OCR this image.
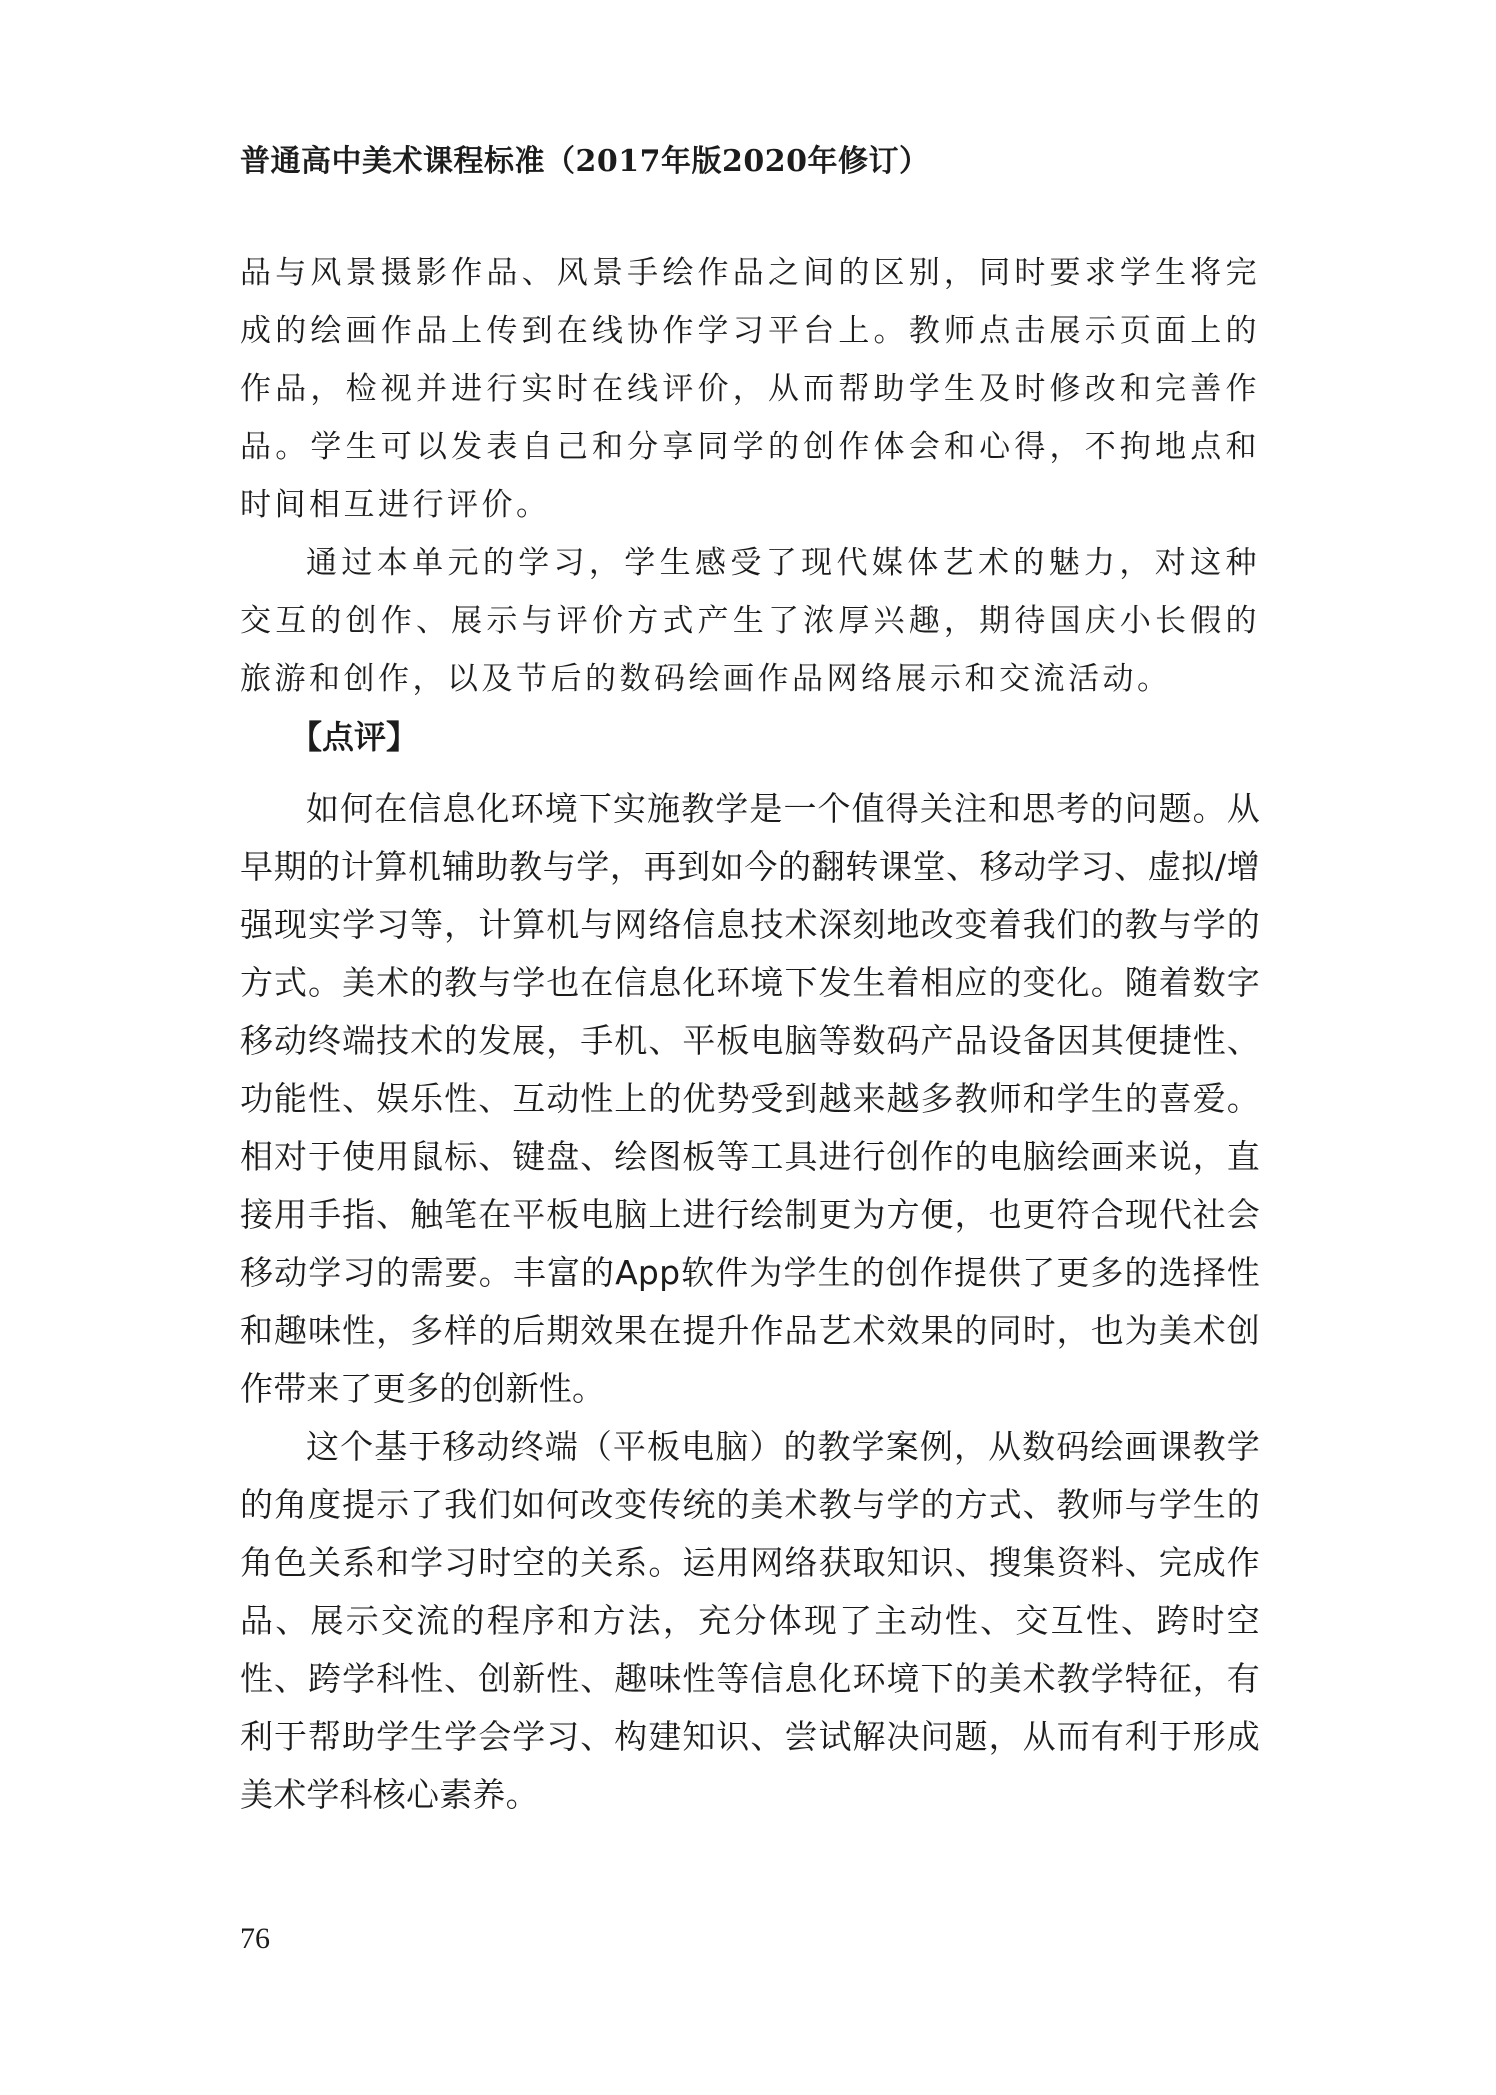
普通高中美术课程标准（2017年版2020年修订）

品与风景摄影作品、风景手绘作品之间的区别，同时要求学生将完成的绘画作品上传到在线协作学习平台上。教师点击展示页面上的作品，检视并进行实时在线评价，从而帮助学生及时修改和完善作品。学生可以发表自己和分享同学的创作体会和心得，不拘地点和时间相互进行评价。

通过本单元的学习，学生感受了现代媒体艺术的魅力，对这种交互的创作、展示与评价方式产生了浓厚兴趣，期待国庆小长假的旅游和创作，以及节后的数码绘画作品网络展示和交流活动。

【点评】

如何在信息化环境下实施教学是一个值得关注和思考的问题。从早期的计算机辅助教与学，再到如今的翻转课堂、移动学习、虚拟/增强现实学习等，计算机与网络信息技术深刻地改变着我们的教与学的方式。美术的教与学也在信息化环境下发生着相应的变化。随着数字移动终端技术的发展，手机、平板电脑等数码产品设备因其便捷性、功能性、娱乐性、互动性上的优势受到越来越多教师和学生的喜爱。相对于使用鼠标、键盘、绘图板等工具进行创作的电脑绘画来说，直接用手指、触笔在平板电脑上进行绘制更为方便，也更符合现代社会移动学习的需要。丰富的App软件为学生的创作提供了更多的选择性和趣味性，多样的后期效果在提升作品艺术效果的同时，也为美术创作带来了更多的创新性。

这个基于移动终端（平板电脑）的教学案例，从数码绘画课教学的角度提示了我们如何改变传统的美术教与学的方式、教师与学生的角色关系和学习时空的关系。运用网络获取知识、搜集资料、完成作品、展示交流的程序和方法，充分体现了主动性、交互性、跨时空性、跨学科性、创新性、趣味性等信息化环境下的美术教学特征，有利于帮助学生学会学习、构建知识、尝试解决问题，从而有利于形成美术学科核心素养。

76
